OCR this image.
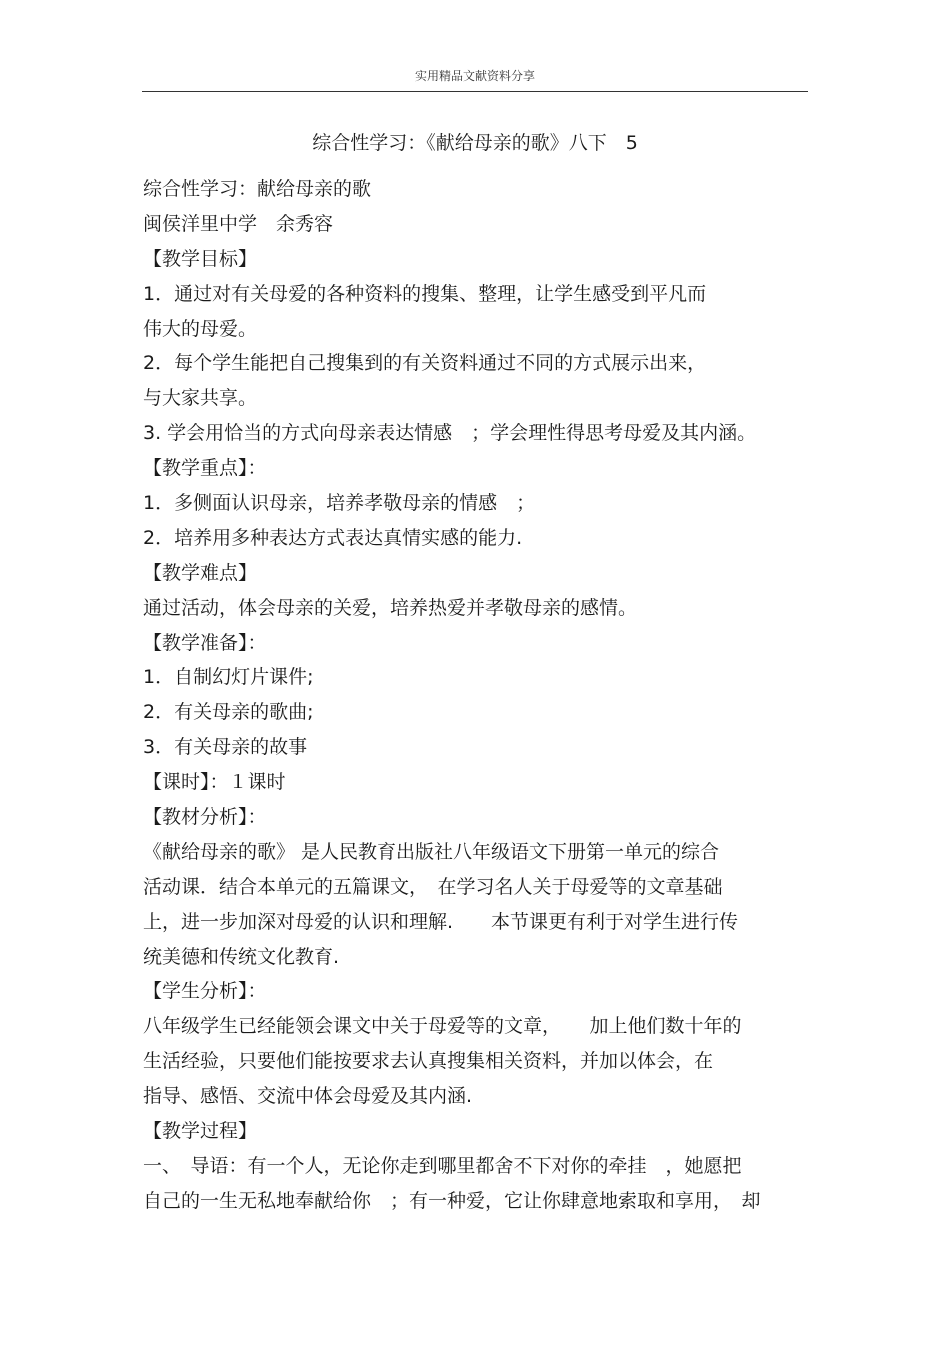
实用精品文献资料分享
综合性学习：《献给母亲的歌》八下　5
综合性学习：献给母亲的歌
闽侯洋里中学　余秀容
【教学目标】
1．通过对有关母爱的各种资料的搜集、整理，让学生感受到平凡而
伟大的母爱。
2．每个学生能把自己搜集到的有关资料通过不同的方式展示出来，
与大家共享。
3. 学会用恰当的方式向母亲表达情感　；学会理性得思考母爱及其内涵。
【教学重点】：
1．多侧面认识母亲，培养孝敬母亲的情感　；
2．培养用多种表达方式表达真情实感的能力.
【教学难点】
通过活动，体会母亲的关爱，培养热爱并孝敬母亲的感情。
【教学准备】：
1．自制幻灯片课件;
2．有关母亲的歌曲;
3．有关母亲的故事
【课时】：１课时
【教材分析】：
《献给母亲的歌》 是人民教育出版社八年级语文下册第一单元的综合
活动课．结合本单元的五篇课文，　在学习名人关于母爱等的文章基础
上，进一步加深对母爱的认识和理解.　　本节课更有利于对学生进行传
统美德和传统文化教育.
【学生分析】：
八年级学生已经能领会课文中关于母爱等的文章，　　加上他们数十年的
生活经验，只要他们能按要求去认真搜集相关资料，并加以体会，在
指导、感悟、交流中体会母爱及其内涵.
【教学过程】
一、　导语：有一个人，无论你走到哪里都舍不下对你的牵挂　，她愿把
自己的一生无私地奉献给你　；有一种爱，它让你肆意地索取和享用，　却
